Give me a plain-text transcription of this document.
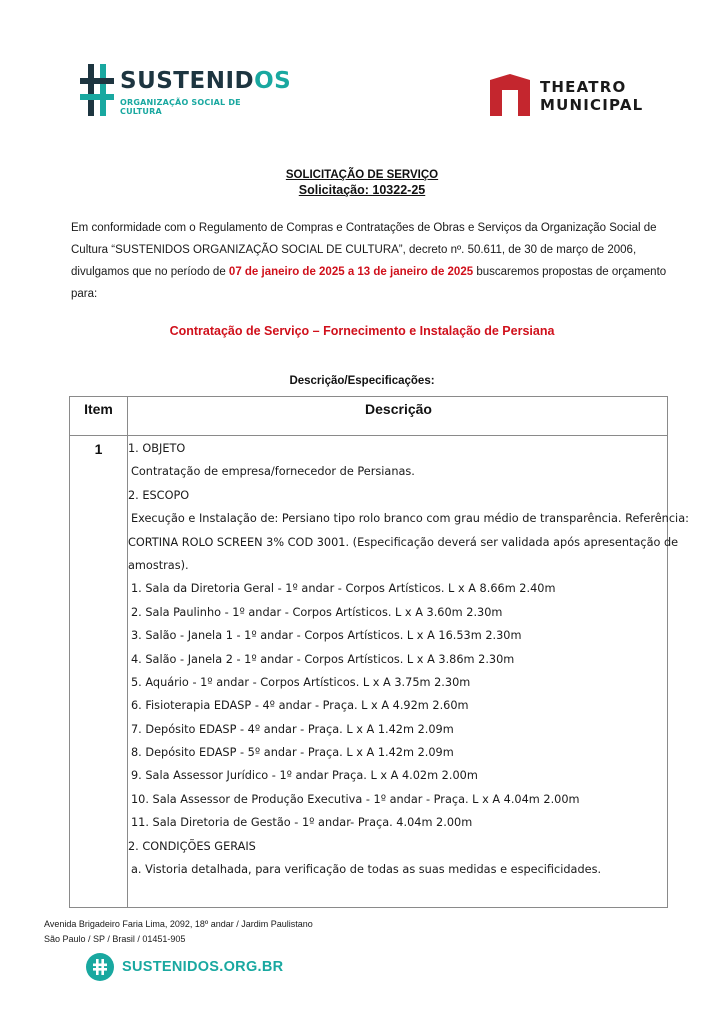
SUSTENIDOS
ORGANIZAÇÃO SOCIAL DE CULTURA
THEATRO
MUNICIPAL
SOLICITAÇÃO DE SERVIÇO
Solicitação: 10322-25
Em conformidade com o Regulamento de Compras e Contratações de Obras e Serviços da Organização Social de Cultura “SUSTENIDOS ORGANIZAÇÃO SOCIAL DE CULTURA”, decreto nº. 50.611, de 30 de março de 2006, divulgamos que no período de 07 de janeiro de 2025 a 13 de janeiro de 2025 buscaremos propostas de orçamento para:
Contratação de Serviço – Fornecimento e Instalação de Persiana
Descrição/Especificações:
Item	Descrição
1	1. OBJETO
Contratação de empresa/fornecedor de Persianas.
2. ESCOPO
Execução e Instalação de: Persiano tipo rolo branco com grau médio de transparência. Referência:
CORTINA ROLO SCREEN 3% COD 3001. (Especificação deverá ser validada após apresentação de
amostras).
1. Sala da Diretoria Geral - 1º andar - Corpos Artísticos. L x A 8.66m 2.40m
2. Sala Paulinho - 1º andar - Corpos Artísticos. L x A 3.60m 2.30m
3. Salão - Janela 1 - 1º andar - Corpos Artísticos. L x A 16.53m 2.30m
4. Salão - Janela 2 - 1º andar - Corpos Artísticos. L x A 3.86m 2.30m
5. Aquário - 1º andar - Corpos Artísticos. L x A 3.75m 2.30m
6. Fisioterapia EDASP - 4º andar - Praça. L x A 4.92m 2.60m
7. Depósito EDASP - 4º andar - Praça. L x A 1.42m 2.09m
8. Depósito EDASP - 5º andar - Praça. L x A 1.42m 2.09m
9. Sala Assessor Jurídico - 1º andar Praça. L x A 4.02m 2.00m
10. Sala Assessor de Produção Executiva - 1º andar - Praça. L x A 4.04m 2.00m
11. Sala Diretoria de Gestão - 1º andar- Praça. 4.04m 2.00m
2. CONDIÇÕES GERAIS
a. Vistoria detalhada, para verificação de todas as suas medidas e especificidades.
Avenida Brigadeiro Faria Lima, 2092, 18º andar / Jardim Paulistano
São Paulo / SP / Brasil / 01451-905
SUSTENIDOS.ORG.BR
